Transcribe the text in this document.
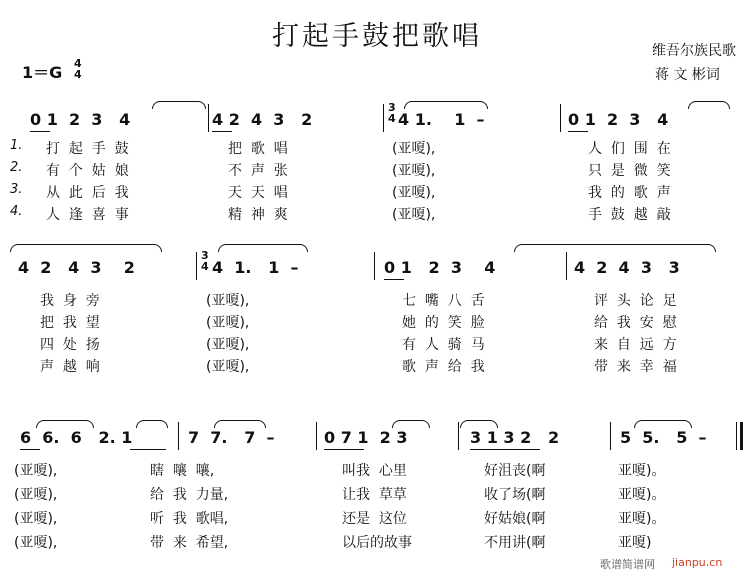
打起手鼓把歌唱	维吾尔族民歌
蒋 文 彬词
1＝G 4
4
0 1  2  3   4	4 2  4  3   2
3
4 4 1.    1  –	0 1  2  3   4
1.
2.
3.
4.
打  起  手  鼓	把  歌  唱	(亚嗄),	人  们  围  在
有  个  姑  娘	不  声  张	(亚嗄),	只  是  微  笑
从  此  后  我	天  天  唱	(亚嗄),	我  的  歌  声
人  逢  喜  事	精  神  爽	(亚嗄),	手  鼓  越  敲
4  2   4  3    2
3
4 4  1.   1  –	0 1   2  3    4	4  2  4  3   3
我  身  旁	(亚嗄),	七  嘴  八  舌	评  头  论  足
把  我  望	(亚嗄),	她  的  笑  脸	给  我  安  慰
四  处  扬	(亚嗄),	有  人  骑  马	来  自  远  方
声  越  响	(亚嗄),	歌  声  给  我	带  来  幸  福
6  6.  6   2. 1	7  7.   7  –	0 7 1  2 3	3 1 3 2   2	5  5.   5  –
(亚嗄),	瞎  嚷  嚷,	叫我  心里	好沮丧(啊	亚嗄)。
(亚嗄),	给  我  力量,	让我  草草	收了场(啊	亚嗄)。
(亚嗄),	听  我  歌唱,	还是  这位	好姑娘(啊	亚嗄)。
(亚嗄),	带  来  希望,	以后的故事	不用讲(啊	亚嗄)
歌谱简谱网 jianpu.cn
